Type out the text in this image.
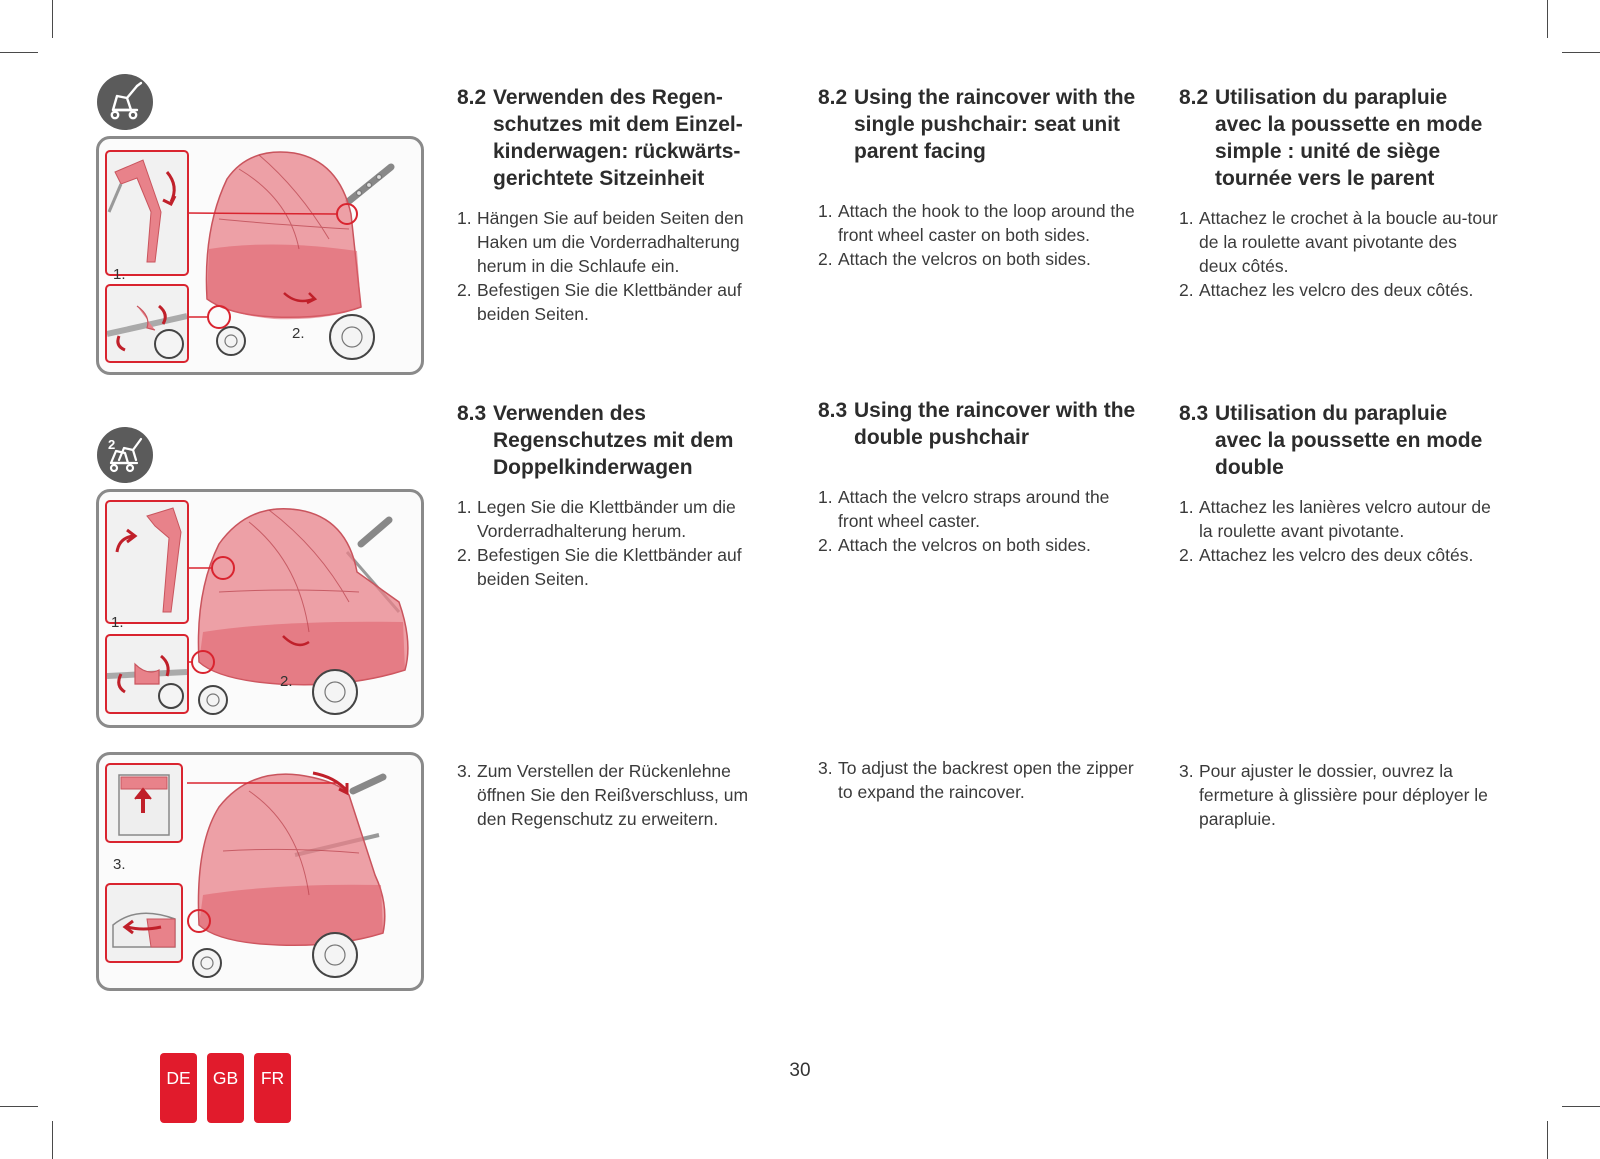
2
1.
2.
1.
2.
3.
8.2 Verwenden des Regen-schutzes mit dem Einzel-kinderwagen: rückwärts-gerichtete Sitzeinheit
1. Hängen Sie auf beiden Seiten den Haken um die Vorderradhalterung herum in die Schlaufe ein.
2. Befestigen Sie die Klettbänder auf beiden Seiten.
8.2 Using the raincover with the single pushchair: seat unit parent facing
1. Attach the hook to the loop around the front wheel caster on both sides.
2. Attach the velcros on both sides.
8.2 Utilisation du parapluie avec la poussette en mode simple : unité de siège tournée vers le parent
1. Attachez le crochet à la boucle au-tour de la roulette avant pivotante des deux côtés.
2. Attachez les velcro des deux côtés.
8.3 Verwenden des Regenschutzes mit dem Doppelkinderwagen
1. Legen Sie die Klettbänder um die Vorderradhalterung herum.
2. Befestigen Sie die Klettbänder auf beiden Seiten.
8.3 Using the raincover with the double pushchair
1. Attach the velcro straps around the front wheel caster.
2. Attach the velcros on both sides.
8.3 Utilisation du parapluie avec la poussette en mode double
1. Attachez les lanières velcro autour de la roulette avant pivotante.
2. Attachez les velcro des deux côtés.
3. Zum Verstellen der Rückenlehne öffnen Sie den Reißverschluss, um den Regenschutz zu erweitern.
3. To adjust the backrest open the zipper to expand the raincover.
3. Pour ajuster le dossier, ouvrez la fermeture à glissière pour déployer le parapluie.
30
DE	GB	FR
